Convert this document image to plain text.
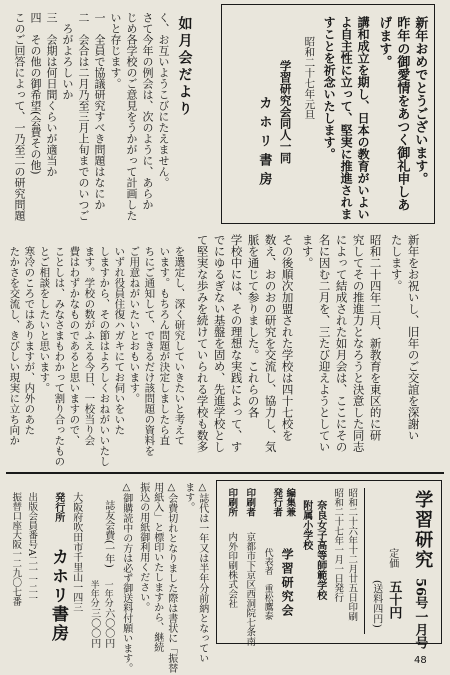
新年おめでとうございます。
昨年の御愛情をあつく御礼申しあ
げます。
講和成立を期し、日本の教育がいよい
よ自主性に立って、堅実に推進されま
すことを祈念いたします。
昭和二十七年元旦
学習研究会同人一同
カホリ書房
新年をお祝いし、旧年のご交誼を深謝い
たします。
昭和二十四年二月、新教育を東区的に研
究してその推進力となろうと決意した同志
によって結成された如月会は、ここにその
名に因む二月を、三たび迎えようとしてい
ます。
その後順次加盟された学校は四十七校を
数え、おのおの研究を交流し、協力し、気
脈を通じて参りました。これらの各
学校中には、その理想な実践によって、す
でにゆるぎない基盤を固め、先進学校とし
て堅実な歩みを続けていられる学校も数多
如月会だより
く、お互いようこびにたえません。
さて今年の例会は、次のように、あらか
じめ各学校のご意見をうかがって計画した
いと存じます。
一　全員で協議研究すべき問題はなにか
二　会合は二月乃至三月上旬までのいつご
　ろがよろしいか
三　会期は何日間くらいが適当か
四　その他の御希望(会費その他)
このご回答によって、一乃至二の研究問題
を選定し、深く研究していきたいと考えて
います。もちろん問題が決定しましたら直
ちにご通知して、できるだけ該問題の資料を
ご用意ねがいたいとおもいます。
いずれ役員住復ハガキにてお伺いをいた
しますから、その節はよろしくおねがいいたし
ます。学校の数がふえる今日、一校当り会
費はわずかなものであると思いますので、
ことしは、みなさまもわかって割り合ったもの
とご相談をしたいと思います。
寒冷のころではありますが、内外のあた
たかさを交流し、きびしい現実に立ち向か
学習研究
56号
一月号
定価
五十円
(送料四円)
昭和二十六年十二月廿五日印刷
昭和二十七年一月一日発行
奈良女子高等師範学校
附属小学校
編集兼
発行者
学習研究会
代表者　重松鷹泰
印刷者
京都市下京区西洞院七条南
印刷所
内外印刷株式会社
△誌代は一年又は半年分前納となってい
ます。
△会費切れとなりました際は書状に「振替
用紙入」と標印いたしますから、継続
振込の用紙御利用ください。
△御購読中の方は必ず御送料付願います。
誌友会費(一年)
一年分
六〇〇円
半年分
三〇〇円
大阪府吹田市千里山一四三
発行所
カホリ書房
出版会員番号A二一一二一
振替口座大阪一二九〇七番
48
